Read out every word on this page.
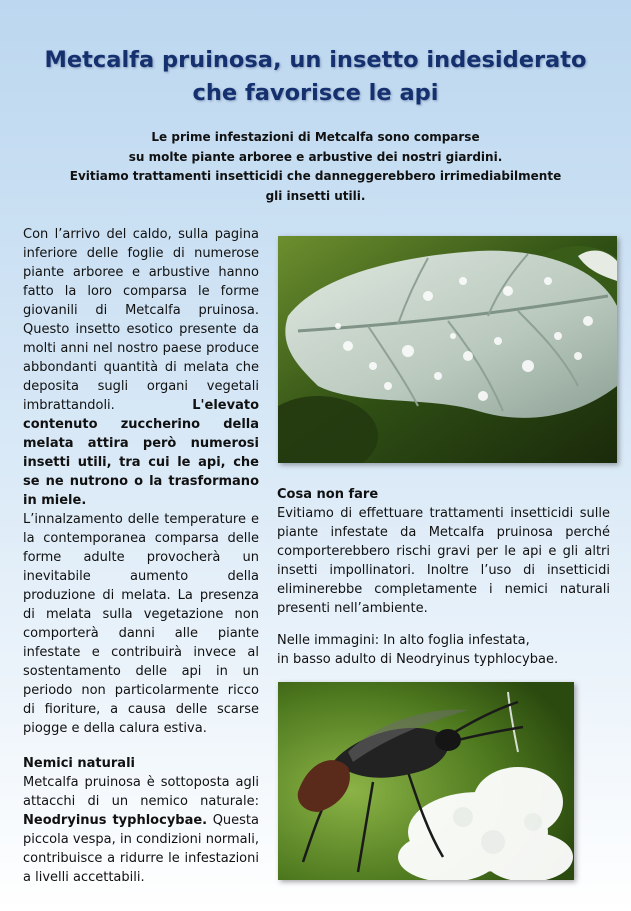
Metcalfa pruinosa, un insetto indesiderato
che favorisce le api
Le prime infestazioni di Metcalfa sono comparse
su molte piante arboree e arbustive dei nostri giardini.
Evitiamo trattamenti insetticidi che danneggerebbero irrimediabilmente
gli insetti utili.

Con l’arrivo del caldo, sulla pagina inferiore delle foglie di numerose piante arboree e arbustive hanno fatto la loro comparsa le forme giovanili di Metcalfa pruinosa. Questo insetto esotico presente da molti anni nel nostro paese produce abbondanti quantità di melata che deposita sugli organi vegetali imbrattandoli.	L'elevato contenuto zuccherino della melata attira però numerosi insetti utili, tra cui le api, che se ne nutrono o la trasformano in miele.

L’innalzamento delle temperature e la contemporanea comparsa delle forme adulte provocherà un inevitabile aumento della produzione di melata. La presenza di melata sulla vegetazione non comporterà danni alle piante infestate e contribuirà invece al sostentamento delle api in un periodo non particolarmente ricco di fioriture, a causa delle scarse piogge e della calura estiva.

Nemici naturali

Metcalfa pruinosa è sottoposta agli attacchi di un nemico naturale: Neodryinus typhlocybae. Questa piccola vespa, in condizioni normali, contribuisce a ridurre le infestazioni a livelli accettabili.

Cosa non fare

Evitiamo di effettuare trattamenti insetticidi sulle piante infestate da Metcalfa pruinosa perché comporterebbero rischi gravi per le api e gli altri insetti impollinatori. Inoltre l’uso di insetticidi eliminerebbe completamente i nemici naturali presenti nell’ambiente.

Nelle immagini: In alto foglia infestata,

in basso adulto di Neodryinus typhlocybae.
